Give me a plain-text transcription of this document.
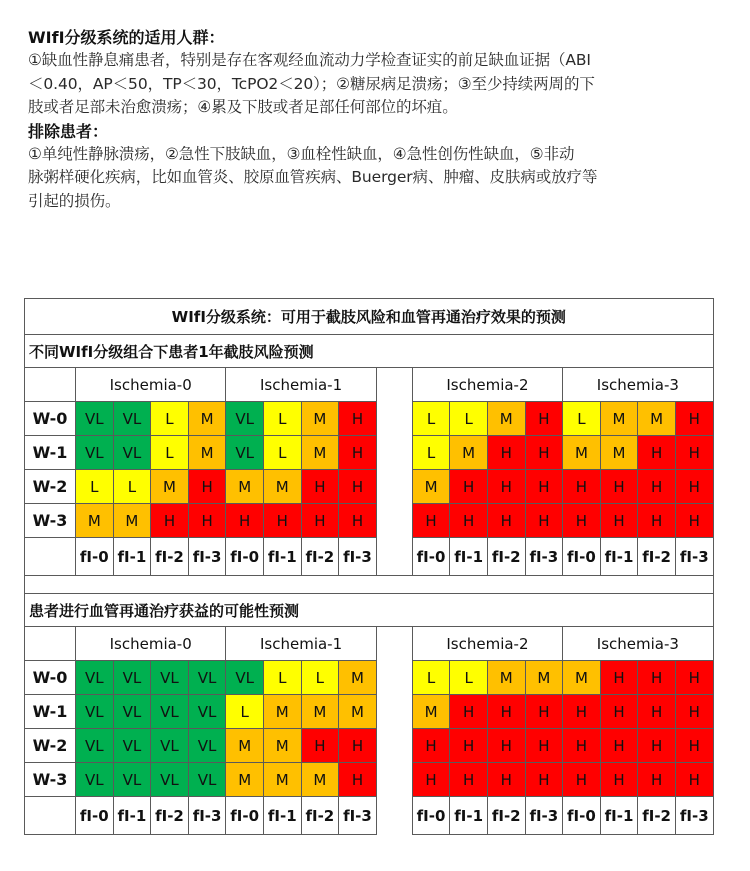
WIfI分级系统的适用人群：

①缺血性静息痛患者，特别是存在客观经血流动力学检查证实的前足缺血证据（ABI

＜0.40，AP＜50，TP＜30，TcPO2＜20）；②糖尿病足溃疡；③至少持续两周的下

肢或者足部未治愈溃疡；④累及下肢或者足部任何部位的坏疽。

排除患者：

①单纯性静脉溃疡，②急性下肢缺血，③血栓性缺血，④急性创伤性缺血，⑤非动

脉粥样硬化疾病，比如血管炎、胶原血管疾病、Buerger病、肿瘤、皮肤病或放疗等

引起的损伤。

WIfI分级系统：可用于截肢风险和血管再通治疗效果的预测																	
不同WIfI分级组合下患者1年截肢风险预测																	
	Ischemia-0				Ischemia-1					Ischemia-2				Ischemia-3			
W-0	VL	VL	L	M	VL	L	M	H		L	L	M	H	L	M	M	H
W-1	VL	VL	L	M	VL	L	M	H		L	M	H	H	M	M	H	H
W-2	L	L	M	H	M	M	H	H		M	H	H	H	H	H	H	H
W-3	M	M	H	H	H	H	H	H		H	H	H	H	H	H	H	H
	fI-0	fI-1	fI-2	fI-3	fI-0	fI-1	fI-2	fI-3		fI-0	fI-1	fI-2	fI-3	fI-0	fI-1	fI-2	fI-3

患者进行血管再通治疗获益的可能性预测																	
	Ischemia-0				Ischemia-1					Ischemia-2				Ischemia-3			
W-0	VL	VL	VL	VL	VL	L	L	M		L	L	M	M	M	H	H	H
W-1	VL	VL	VL	VL	L	M	M	M		M	H	H	H	H	H	H	H
W-2	VL	VL	VL	VL	M	M	H	H		H	H	H	H	H	H	H	H
W-3	VL	VL	VL	VL	M	M	M	H		H	H	H	H	H	H	H	H
	fI-0	fI-1	fI-2	fI-3	fI-0	fI-1	fI-2	fI-3		fI-0	fI-1	fI-2	fI-3	fI-0	fI-1	fI-2	fI-3
